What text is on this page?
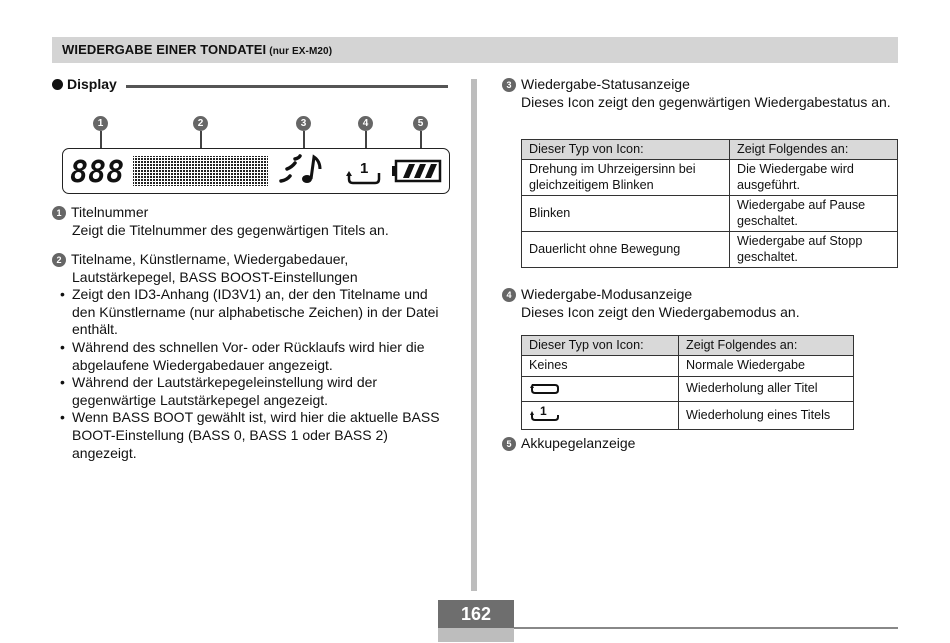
WIEDERGABE EINER TONDATEI (nur EX-M20)
Display
1	2	3	4	5
888	1
1 Titelnummer
Zeigt die Titelnummer des gegenwärtigen Titels an.
2 Titelname, Künstlername, Wiedergabedauer,
Lautstärkepegel, BASS BOOST-Einstellungen
• Zeigt den ID3-Anhang (ID3V1) an, der den Titelname und den Künstlername (nur alphabetische Zeichen) in der Datei enthält.
• Während des schnellen Vor- oder Rücklaufs wird hier die abgelaufene Wiedergabedauer angezeigt.
• Während der Lautstärkepegeleinstellung wird der gegenwärtige Lautstärkepegel angezeigt.
• Wenn BASS BOOT gewählt ist, wird hier die aktuelle BASS BOOT-Einstellung (BASS 0, BASS 1 oder BASS 2) angezeigt.
3 Wiedergabe-Statusanzeige
Dieses Icon zeigt den gegenwärtigen Wiedergabestatus an.
Dieser Typ von Icon:	Zeigt Folgendes an:
Drehung im Uhrzeigersinn bei gleichzeitigem Blinken	Die Wiedergabe wird ausgeführt.
Blinken	Wiedergabe auf Pause geschaltet.
Dauerlicht ohne Bewegung	Wiedergabe auf Stopp geschaltet.
4 Wiedergabe-Modusanzeige
Dieses Icon zeigt den Wiedergabemodus an.
Dieser Typ von Icon:	Zeigt Folgendes an:
Keines	Normale Wiedergabe
	Wiederholung aller Titel

1	Wiederholung eines Titels
5 Akkupegelanzeige
162
